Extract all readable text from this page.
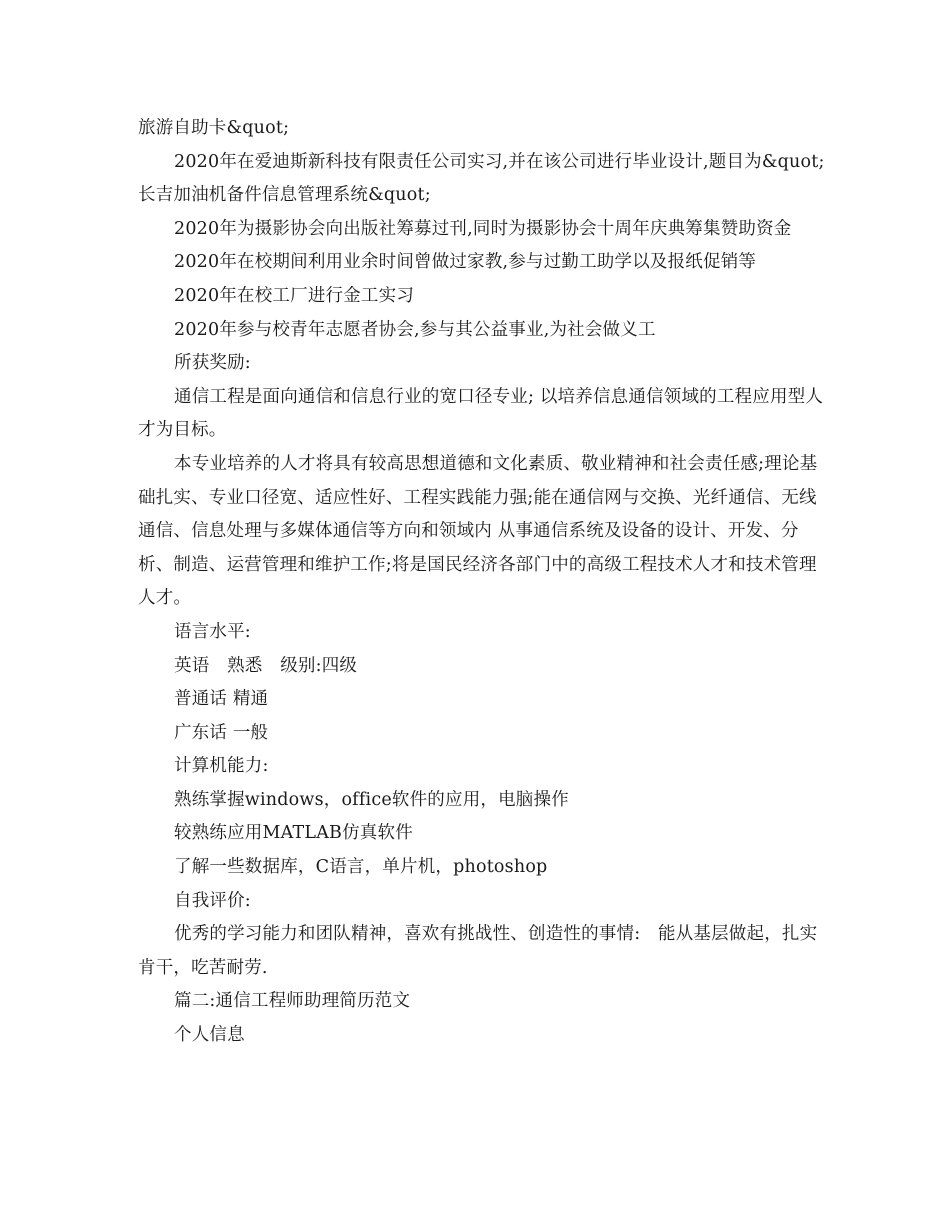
旅游自助卡&quot;

2020年在爱迪斯新科技有限责任公司实习,并在该公司进行毕业设计,题目为&quot;长吉加油机备件信息管理系统&quot;

2020年为摄影协会向出版社筹募过刊,同时为摄影协会十周年庆典筹集赞助资金

2020年在校期间利用业余时间曾做过家教,参与过勤工助学以及报纸促销等

2020年在校工厂进行金工实习

2020年参与校青年志愿者协会,参与其公益事业,为社会做义工

所获奖励:

通信工程是面向通信和信息行业的宽口径专业; 以培养信息通信领域的工程应用型人才为目标。

本专业培养的人才将具有较高思想道德和文化素质、敬业精神和社会责任感;理论基础扎实、专业口径宽、适应性好、工程实践能力强;能在通信网与交换、光纤通信、无线通信、信息处理与多媒体通信等方向和领域内 从事通信系统及设备的设计、开发、分析、制造、运营管理和维护工作;将是国民经济各部门中的高级工程技术人才和技术管理人才。

语言水平:

英语　熟悉　级别:四级

普通话 精通

广东话 一般

计算机能力:

熟练掌握windows，office软件的应用，电脑操作

较熟练应用MATLAB仿真软件

了解一些数据库，C语言，单片机，photoshop

自我评价:

优秀的学习能力和团队精神，喜欢有挑战性、创造性的事情:　能从基层做起，扎实肯干，吃苦耐劳.

篇二:通信工程师助理简历范文

个人信息
